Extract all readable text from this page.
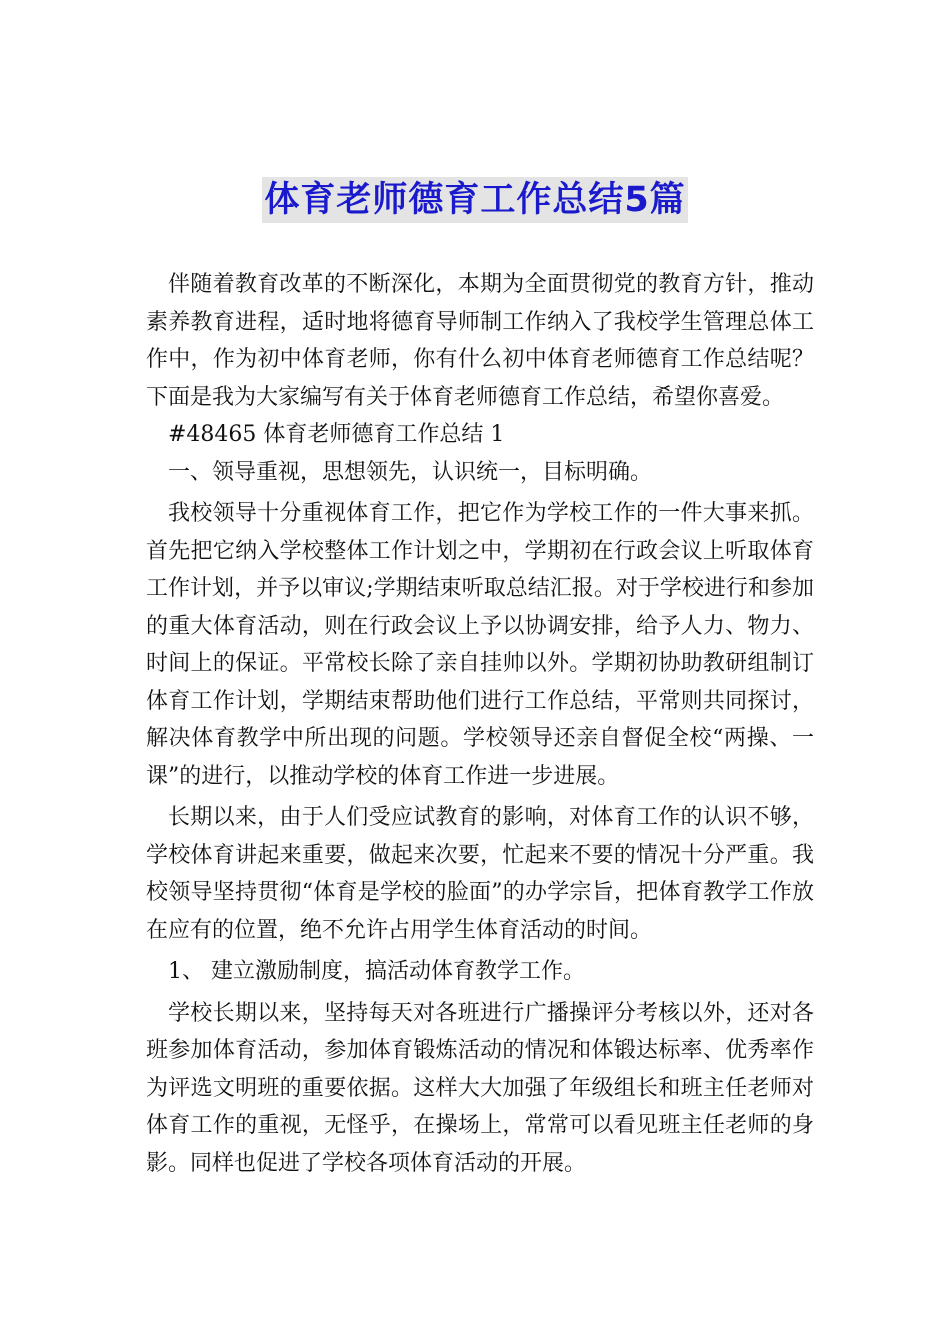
体育老师德育工作总结5篇

伴随着教育改革的不断深化，本期为全面贯彻党的教育方针，推动素养教育进程，适时地将德育导师制工作纳入了我校学生管理总体工作中，作为初中体育老师，你有什么初中体育老师德育工作总结呢？下面是我为大家编写有关于体育老师德育工作总结，希望你喜爱。

#48465 体育老师德育工作总结 1

一、领导重视，思想领先，认识统一，目标明确。

我校领导十分重视体育工作，把它作为学校工作的一件大事来抓。首先把它纳入学校整体工作计划之中，学期初在行政会议上听取体育工作计划，并予以审议;学期结束听取总结汇报。对于学校进行和参加的重大体育活动，则在行政会议上予以协调安排，给予人力、物力、时间上的保证。平常校长除了亲自挂帅以外。学期初协助教研组制订体育工作计划，学期结束帮助他们进行工作总结，平常则共同探讨，解决体育教学中所出现的问题。学校领导还亲自督促全校“两操、一课”的进行，以推动学校的体育工作进一步进展。

长期以来，由于人们受应试教育的影响，对体育工作的认识不够，学校体育讲起来重要，做起来次要，忙起来不要的情况十分严重。我校领导坚持贯彻“体育是学校的脸面”的办学宗旨，把体育教学工作放在应有的位置，绝不允许占用学生体育活动的时间。

1、 建立激励制度，搞活动体育教学工作。

学校长期以来，坚持每天对各班进行广播操评分考核以外，还对各班参加体育活动，参加体育锻炼活动的情况和体锻达标率、优秀率作为评选文明班的重要依据。这样大大加强了年级组长和班主任老师对体育工作的重视，无怪乎，在操场上，常常可以看见班主任老师的身影。同样也促进了学校各项体育活动的开展。
